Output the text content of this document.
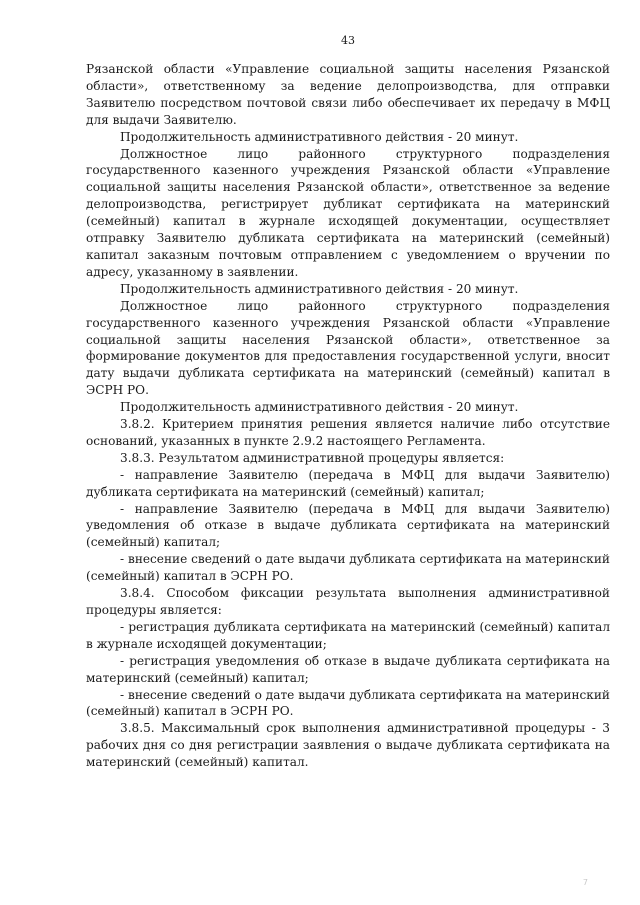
43

Рязанской области «Управление социальной защиты населения Рязанской области», ответственному за ведение делопроизводства, для отправки Заявителю посредством почтовой связи либо обеспечивает их передачу в МФЦ для выдачи Заявителю.

Продолжительность административного действия - 20 минут.

Должностное лицо районного структурного подразделения государственного казенного учреждения Рязанской области «Управление социальной защиты населения Рязанской области», ответственное за ведение делопроизводства, регистрирует дубликат сертификата на материнский (семейный) капитал в журнале исходящей документации, осуществляет отправку Заявителю дубликата сертификата на материнский (семейный) капитал заказным почтовым отправлением с уведомлением о вручении по адресу, указанному в заявлении.

Продолжительность административного действия - 20 минут.

Должностное лицо районного структурного подразделения государственного казенного учреждения Рязанской области «Управление социальной защиты населения Рязанской области», ответственное за формирование документов для предоставления государственной услуги, вносит дату выдачи дубликата сертификата на материнский (семейный) капитал в ЭСРН РО.

Продолжительность административного действия - 20 минут.

3.8.2. Критерием принятия решения является наличие либо отсутствие оснований, указанных в пункте 2.9.2 настоящего Регламента.

3.8.3. Результатом административной процедуры является:

- направление Заявителю (передача в МФЦ для выдачи Заявителю) дубликата сертификата на материнский (семейный) капитал;

- направление Заявителю (передача в МФЦ для выдачи Заявителю) уведомления об отказе в выдаче дубликата сертификата на материнский (семейный) капитал;

- внесение сведений о дате выдачи дубликата сертификата на материнский (семейный) капитал в ЭСРН РО.

3.8.4. Способом фиксации результата выполнения административной процедуры является:

- регистрация дубликата сертификата на материнский (семейный) капитал в журнале исходящей документации;

- регистрация уведомления об отказе в выдаче дубликата сертификата на материнский (семейный) капитал;

- внесение сведений о дате выдачи дубликата сертификата на материнский (семейный) капитал в ЭСРН РО.

3.8.5. Максимальный срок выполнения административной процедуры - 3 рабочих дня со дня регистрации заявления о выдаче дубликата сертификата на материнский (семейный) капитал.

7
